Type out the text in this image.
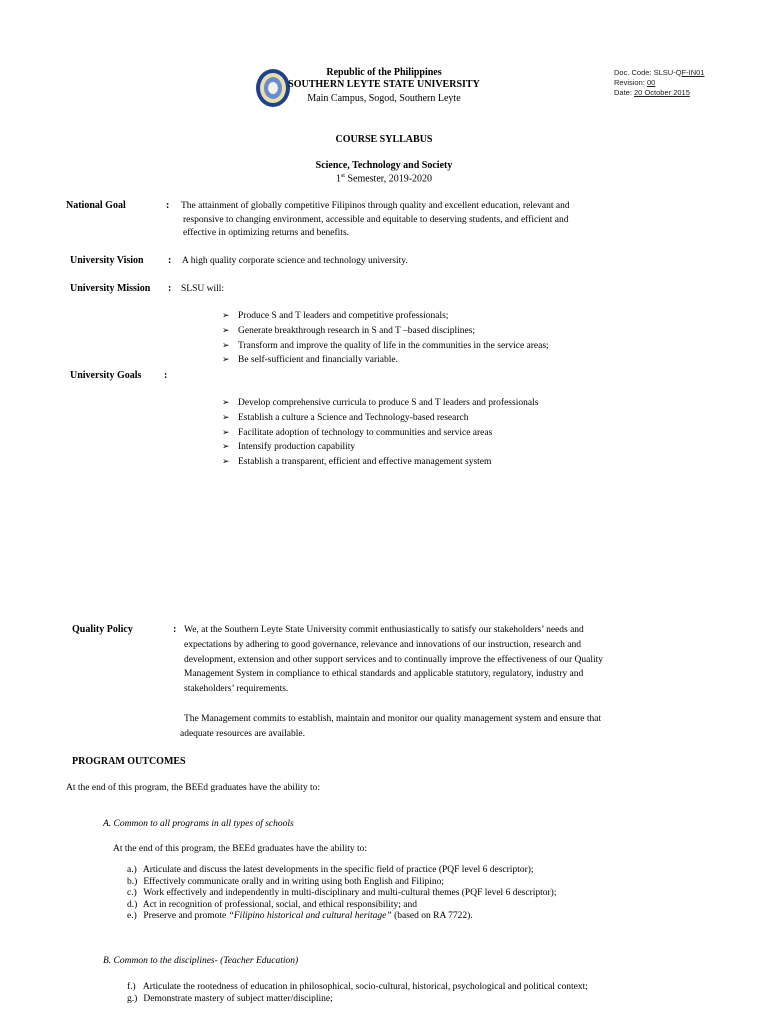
Republic of the Philippines
SOUTHERN LEYTE STATE UNIVERSITY
Main Campus, Sogod, Southern Leyte
Doc. Code: SLSU-QF-IN01
Revision: 00
Date: 20 October 2015
COURSE SYLLABUS
Science, Technology and Society
1st Semester, 2019-2020
National Goal	: The attainment of globally competitive Filipinos through quality and excellent education, relevant and
responsive to changing environment, accessible and equitable to deserving students, and efficient and
effective in optimizing returns and benefits.
University Vision : A high quality corporate science and technology university.
University Mission : SLSU will:
➢ Produce S and T leaders and competitive professionals;
➢ Generate breakthrough research in S and T –based disciplines;
➢ Transform and improve the quality of life in the communities in the service areas;
➢ Be self-sufficient and financially variable.
University Goals :
➢ Develop comprehensive curricula to produce S and T leaders and professionals
➢ Establish a culture a Science and Technology-based research
➢ Facilitate adoption of technology to communities and service areas
➢ Intensify production capability
➢ Establish a transparent, efficient and effective management system
Quality Policy	: We, at the Southern Leyte State University commit enthusiastically to satisfy our stakeholders’ needs and
expectations by adhering to good governance, relevance and innovations of our instruction, research and
development, extension and other support services and to continually improve the effectiveness of our Quality
Management System in compliance to ethical standards and applicable statutory, regulatory, industry and
stakeholders’ requirements.
The Management commits to establish, maintain and monitor our quality management system and ensure that
adequate resources are available.
PROGRAM OUTCOMES
At the end of this program, the BEEd graduates have the ability to:
A. Common to all programs in all types of schools
At the end of this program, the BEEd graduates have the ability to:
a.) Articulate and discuss the latest developments in the specific field of practice (PQF level 6 descriptor);
b.) Effectively communicate orally and in writing using both English and Filipino;
c.) Work effectively and independently in multi-disciplinary and multi-cultural themes (PQF level 6 descriptor);
d.) Act in recognition of professional, social, and ethical responsibility; and
e.) Preserve and promote “Filipino historical and cultural heritage” (based on RA 7722).
B. Common to the disciplines- (Teacher Education)
f.) Articulate the rootedness of education in philosophical, socio-cultural, historical, psychological and political context;
g.) Demonstrate mastery of subject matter/discipline;
